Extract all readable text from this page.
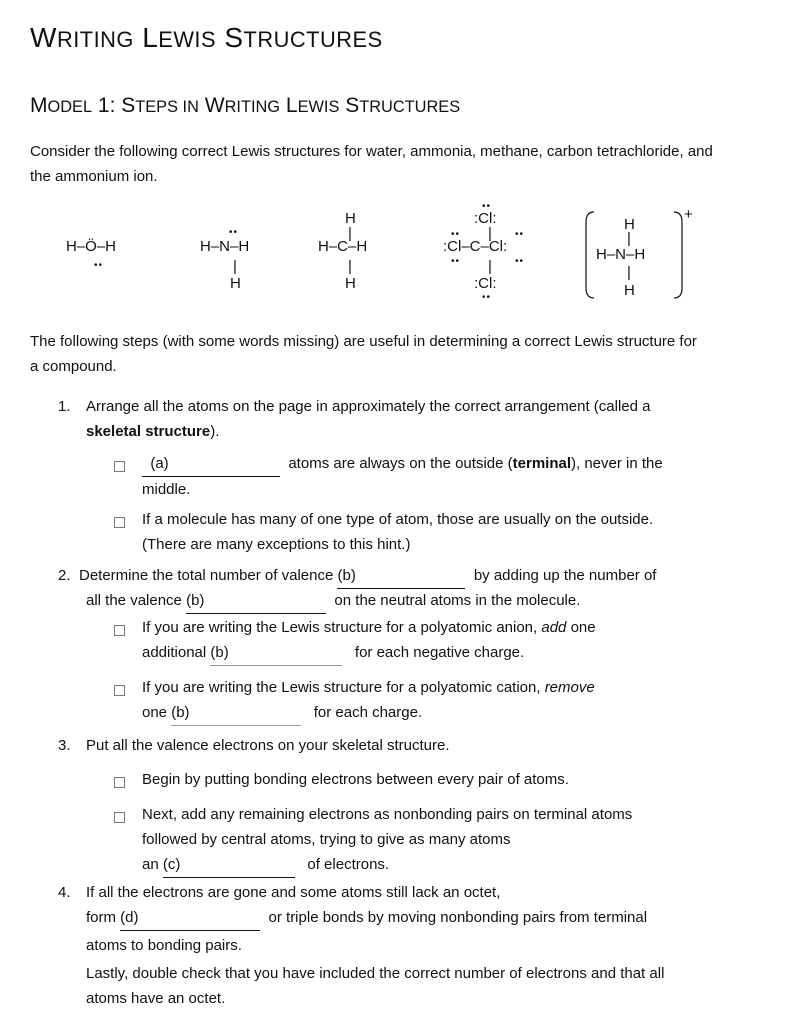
WRITING LEWIS STRUCTURES
MODEL 1: STEPS IN WRITING LEWIS STRUCTURES
Consider the following correct Lewis structures for water, ammonia, methane, carbon tetrachloride, and
the ammonium ion.
H–Ö–H
••
H–N–H
••
|
H
H
|
H–C–H
|
H
:Cl:
••
|
:Cl–C–Cl:
••	••
••	••
|
:Cl:
••
H
|
H–N–H
|
H
+
The following steps (with some words missing) are useful in determining a correct Lewis structure for
a compound.
1. Arrange all the atoms on the page in approximately the correct arrangement (called a
skeletal structure).
(a)	atoms are always on the outside (terminal), never in the
middle.
If a molecule has many of one type of atom, those are usually on the outside.
(There are many exceptions to this hint.)
2. Determine the total number of valence (b)	by adding up the number of
all the valence (b)	on the neutral atoms in the molecule.
If you are writing the Lewis structure for a polyatomic anion, add one
additional (b)	for each negative charge.
If you are writing the Lewis structure for a polyatomic cation, remove
one (b)	for each charge.
3. Put all the valence electrons on your skeletal structure.
Begin by putting bonding electrons between every pair of atoms.
Next, add any remaining electrons as nonbonding pairs on terminal atoms
followed by central atoms, trying to give as many atoms
an (c)	of electrons.
4. If all the electrons are gone and some atoms still lack an octet,
form (d)	or triple bonds by moving nonbonding pairs from terminal
atoms to bonding pairs.
Lastly, double check that you have included the correct number of electrons and that all
atoms have an octet.
